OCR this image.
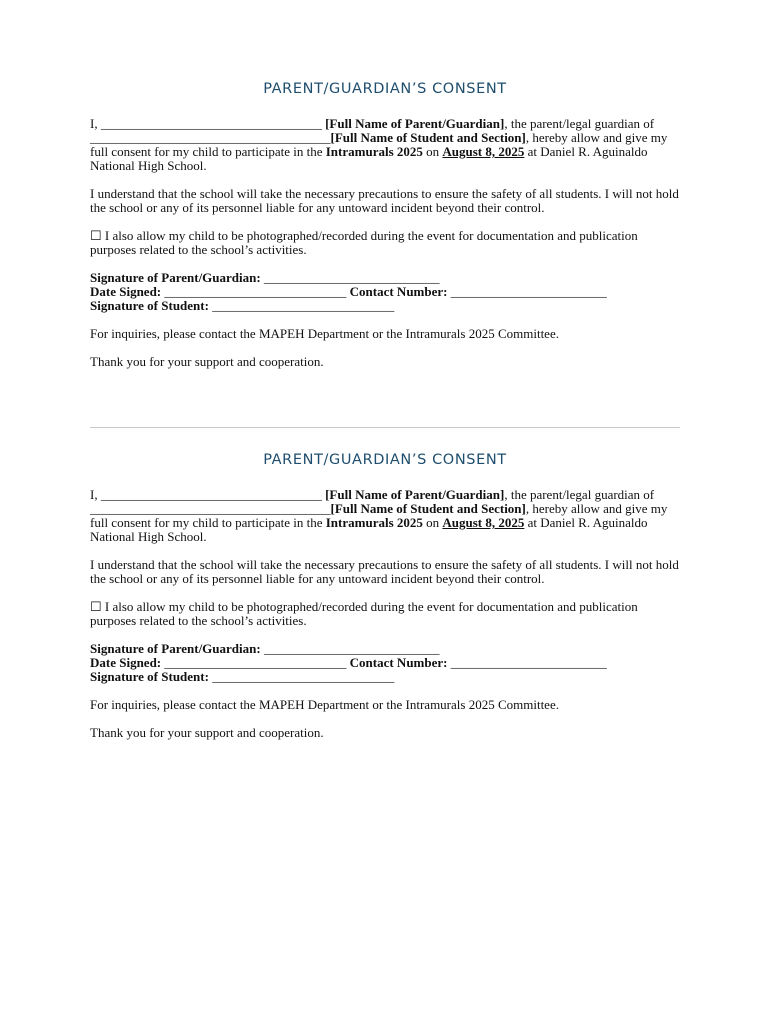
PARENT/GUARDIAN’S CONSENT

I, __________________________________ [Full Name of Parent/Guardian], the parent/legal guardian of _____________________________________[Full Name of Student and Section], hereby allow and give my full consent for my child to participate in the Intramurals 2025 on August 8, 2025 at Daniel R. Aguinaldo National High School.

I understand that the school will take the necessary precautions to ensure the safety of all students. I will not hold the school or any of its personnel liable for any untoward incident beyond their control.

☐ I also allow my child to be photographed/recorded during the event for documentation and publication purposes related to the school’s activities.

Signature of Parent/Guardian: ___________________________

Date Signed: ____________________________ Contact Number: ________________________

Signature of Student: ____________________________

For inquiries, please contact the MAPEH Department or the Intramurals 2025 Committee.

Thank you for your support and cooperation.

PARENT/GUARDIAN’S CONSENT

I, __________________________________ [Full Name of Parent/Guardian], the parent/legal guardian of _____________________________________[Full Name of Student and Section], hereby allow and give my full consent for my child to participate in the Intramurals 2025 on August 8, 2025 at Daniel R. Aguinaldo National High School.

I understand that the school will take the necessary precautions to ensure the safety of all students. I will not hold the school or any of its personnel liable for any untoward incident beyond their control.

☐ I also allow my child to be photographed/recorded during the event for documentation and publication purposes related to the school’s activities.

Signature of Parent/Guardian: ___________________________

Date Signed: ____________________________ Contact Number: ________________________

Signature of Student: ____________________________

For inquiries, please contact the MAPEH Department or the Intramurals 2025 Committee.

Thank you for your support and cooperation.
